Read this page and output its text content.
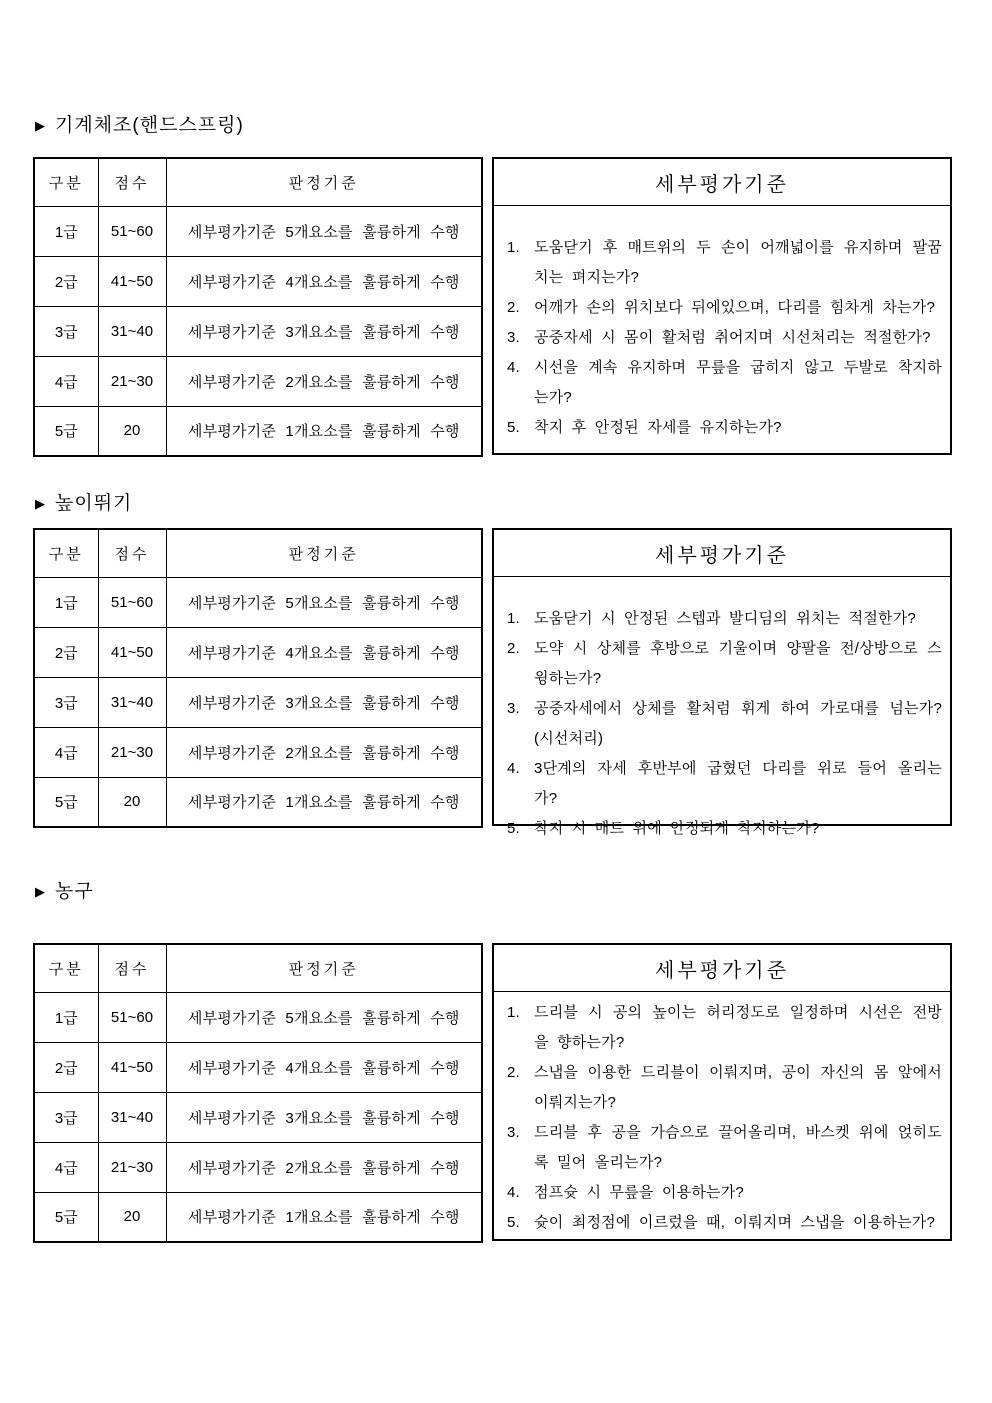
▶ 기계체조(핸드스프링)
구분	점수	판정기준
1급	51~60	세부평가기준 5개요소를 훌륭하게 수행
2급	41~50	세부평가기준 4개요소를 훌륭하게 수행
3급	31~40	세부평가기준 3개요소를 훌륭하게 수행
4급	21~30	세부평가기준 2개요소를 훌륭하게 수행
5급	20	세부평가기준 1개요소를 훌륭하게 수행
세부평가기준
1. 도움닫기 후 매트위의 두 손이 어깨넓이를 유지하며 팔꿈치는 펴지는가?
2. 어깨가 손의 위치보다 뒤에있으며, 다리를 힘차게 차는가?
3. 공중자세 시 몸이 활처럼 취어지며 시선처리는 적절한가?
4. 시선을 계속 유지하며 무릎을 굽히지 않고 두발로 착지하는가?
5. 착지 후 안정된 자세를 유지하는가?
▶ 높이뛰기
구분	점수	판정기준
1급	51~60	세부평가기준 5개요소를 훌륭하게 수행
2급	41~50	세부평가기준 4개요소를 훌륭하게 수행
3급	31~40	세부평가기준 3개요소를 훌륭하게 수행
4급	21~30	세부평가기준 2개요소를 훌륭하게 수행
5급	20	세부평가기준 1개요소를 훌륭하게 수행
세부평가기준
1. 도움닫기 시 안정된 스텝과 발디딤의 위치는 적절한가?
2. 도약 시 상체를 후방으로 기울이며 양팔을 전/상방으로 스윙하는가?
3. 공중자세에서 상체를 활처럼 휘게 하여 가로대를 넘는가? (시선처리)
4. 3단계의 자세 후반부에 굽혔던 다리를 위로 들어 올리는가?
5. 착지 시 매트 위에 안정되게 착지하는가?
▶ 농구
구분	점수	판정기준
1급	51~60	세부평가기준 5개요소를 훌륭하게 수행
2급	41~50	세부평가기준 4개요소를 훌륭하게 수행
3급	31~40	세부평가기준 3개요소를 훌륭하게 수행
4급	21~30	세부평가기준 2개요소를 훌륭하게 수행
5급	20	세부평가기준 1개요소를 훌륭하게 수행
세부평가기준
1. 드리블 시 공의 높이는 허리정도로 일정하며 시선은 전방을 향하는가?
2. 스냅을 이용한 드리블이 이뤄지며, 공이 자신의 몸 앞에서 이뤄지는가?
3. 드리블 후 공을 가슴으로 끌어올리며, 바스켓 위에 얹히도록 밀어 올리는가?
4. 점프슛 시 무릎을 이용하는가?
5. 슛이 최정점에 이르렀을 때, 이뤄지며 스냅을 이용하는가?
